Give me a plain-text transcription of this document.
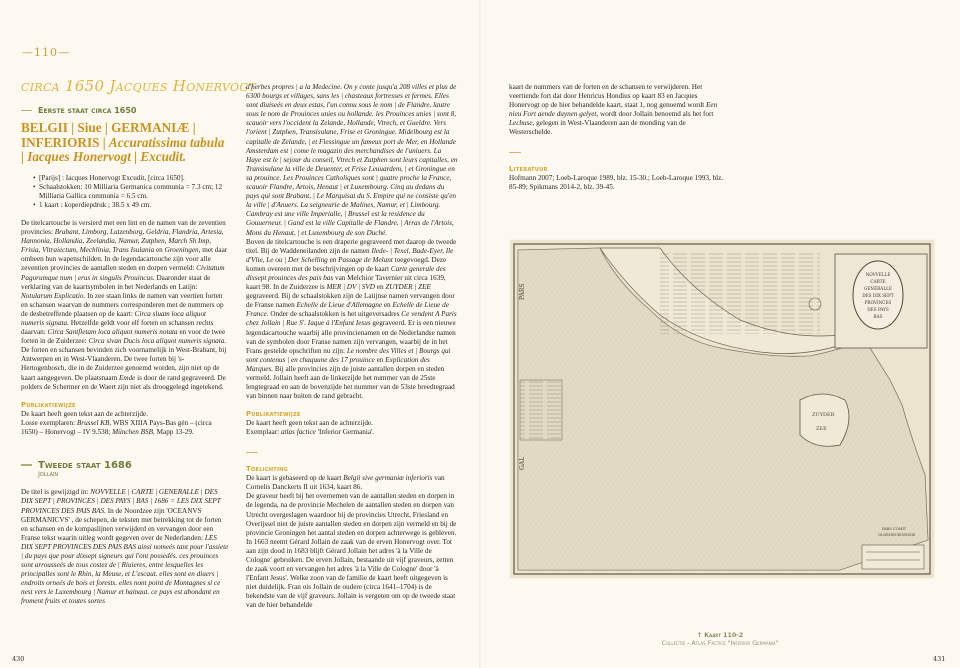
—110—
circa 1650 Jacques Honervogt
Eerste staat circa 1650

BELGII | Siue | GERMANIÆ | INFERIORIS | Accuratissima tabula | Iacques Honervogt | Excudit.

• [Parijs] : Iacques Honervogt Excudit, [circa 1650].
• Schaalstokken: 10 Milliaria Germanica communia = 7.3 cm; 12 Milliaria Gallica communia = 6.5 cm.
• 1 kaart : koperdiepdruk ; 38.5 x 49 cm.

De titelcartouche is versierd met een lint en de namen van de zeventien provincies: Brabant, Limborg, Lutzenborg, Geldria, Flandria, Artesia, Hannonia, Hollandia, Zeelandia, Namur, Zutphen, March Sh Imp, Frisia, Vltraiectum, Mechlinia, Trans Isulania en Groeningen, met daar omheen hun wapenschilden. In de legendacartouche zijn voor alle zeventien provincies de aantallen steden en dorpen vermeld: Civitatum Pagorumque num | erus in singulis Prouincus. Daaronder staat de verklaring van de kaartsymbolen in het Nederlands en Latijn: Notularum Explicatio. In zee staan links de namen van veertien forten en schansen waarvan de nummers corresponderen met de nummers op de desbetreffende plaatsen op de kaart: Circa sluam loca aliquot numeris signata. Hetzelfde geldt voor elf forten en schansen rechts daarvan: Circa Santfletam loca aliquot numeris notata en voor de twee forten in de Zuiderzee: Circa sivan Ducis loca aliquot numeris signata. De forten en schansen bevinden zich voornamelijk in West-Brabant, bij Antwerpen en in West-Vlaanderen. De twee forten bij 's-Hertogenbosch, die in de Zuiderzee genoemd worden, zijn niet op de kaart aangegeven. De plaatsnaam Emde is door de rand gegraveerd. De polders de Schermer en de Waert zijn niet als drooggelegd ingetekend.

Publikatiewijze

De kaart heeft geen tekst aan de achterzijde.

Losse exemplaren: Brussel KB, WBS XIIIA Pays-Bas gén – (circa 1650) – Honervogt – IV 9.538; München BSB, Mapp 13-29.

Tweede staat 1686
Jollain

De titel is gewijzigd in: NOVVELLE | CARTE | GENERALLE | DES DIX SEPT | PROVINCES | DES PAYS | BAS | 1686 = LES DIX SEPT PROVINCES DES PAIS BAS. In de Noordzee zijn 'OCEANVS GERMANICVS' , de schepen, de teksten met betrekking tot de forten en schansen en de kompaslijnen verwijderd en vervangen door een Franse tekst waarin uitleg wordt gegeven over de Nederlanden: LES DIX SEPT PROVINCES DES PAIS BAS ainsi nomeés tant pour l'assiete | du pays que pour dixsept signeurs qui l'ont possedés. ces prouinces sont arrousseés de tous costez de | Riuieres, entre lesquelles les principalles sont le Rhin, la Meuse, et L'escaut. elles sont en diuers | endroits orneés de bois et forests. elles nont point de Montagnes si ce nest vers le Luxembourg | Namur et hainaut. ce pays est abondant en froment fruits et toutes sortes

430

d'herbes propres | a la Medecine. On y conte jusqu'a 208 villes et plus de 6300 bourgs et villages, sans les | chasteaux fortresses et fermes. Elles sont diuiseés en deux estas, l'un connu sous le nom | de Flandre, lautre sous le nom de Prouinces unies ou hollande. les Prouinces unies | sont 8, scauoir vers l'occident la Zelande, Hollande, Vtrech, et Gueldre. Vers l'orient | Zutphen, Transisulane, Frise et Groningue. Midelbourg est la capitalle de Zelande, | et Flessingue un fameux port de Mer, en Hollande Amsterdam est | come le magazin des merchandises de l'uniuers. La Haye est le | sejour du conseil, Vtrech et Zutphen sont leurs capitalles, en Transisulane la ville de Deuenter, et Frise Leuuardem, | et Groningue en sa prouince. Les Prouinces Catholiques sont | quatre proche la France, scauoir Flandre, Artois, Henaut | et Luxembourg. Cinq au dedans du pays qui sont Brabant, | Le Marquisat du S. Empire qui ne consiste qu'en la ville | d'Anuers. La seigneurie de Malines, Namur, et | Limbourg. Cambray est une ville Imperialle, | Brussel est la residence du Gouuerneur. | Gand est la ville Capitalle de Flandre, | Arras de l'Artois, Mons du Henaut, | et Luxembourg de son Duché.

Boven de titelcartouche is een draperie gegraveerd met daarop de tweede titel. Bij de Waddeneilanden zijn de namen Ilede- | Texel, Bade-Eyer, Ile d'Vlie, Le ou | Der Schelling en Passage de Melant toegevoegd. Deze komen overeen met de beschrijvingen op de kaart Carte generale des dixsept prouinces des pais bas van Melchior Tavernier uit circa 1639, kaart 98. In de Zuiderzee is MER | DV | SVD en ZUYDER | ZEE gegraveerd. Bij de schaalstokken zijn de Latijnse namen vervangen door de Franse namen Echelle de Lieue d'Allemagne en Echelle de Lieue de France. Onder de schaalstokken is het uitgeversadres Ce vendent A Paris chez Jollain | Rue S'. Iaque à l'Enfant Iesus gegraveerd. Er is een nieuwe legendacartouche waarbij alle provincienamen en de Nederlandse namen van de symbolen door Franse namen zijn vervangen, waarbij de in het Frans gestelde opschriften nu zijn: Le nombre des Villes et | Bourgs qui sont contenus | en chaquune des 17 prouince en Explication des Marques. Bij alle provincies zijn de juiste aantallen dorpen en steden vermeld. Jollain heeft aan de linkerzijde het nummer van de 25ste lengtegraad en aan de bovenzijde het nummer van de 53ste breedtegraad van binnen naar buiten de rand gebracht.

Publikatiewijze

De kaart heeft geen tekst aan de achterzijde.

Exemplaar: atlas factice 'Inferior Germania'.

Toelichting

De kaart is gebaseerd op de kaart Belgii sive germaniæ inferioris van Cornelis Danckerts II uit 1634, kaart 86.

De graveur heeft bij het overnemen van de aantallen steden en dorpen in de legenda, na de provincie Mechelen de aantallen steden en dorpen van Utrecht overgeslagen waardoor bij de provincies Utrecht, Friesland en Overijssel niet de juiste aantallen steden en dorpen zijn vermeld en bij de provincie Groningen het aantal steden en dorpen achterwege is gebleven. In 1663 neemt Gérard Jollain de zaak van de erven Honervogt over. Tot aan zijn dood in 1683 blijft Gérard Jollain het adres 'à la Ville de Cologne' gebruiken. De erven Jollain, bestaande uit vijf graveurs, zetten de zaak voort en vervangen het adres 'à la Ville de Cologne' door 'à l'Enfant Jesus'. Welke zoon van de familie de kaart heeft uitgegeven is niet duidelijk. Fran ois Jollain de oudere (circa 1641–1704) is de bekendste van de vijf graveurs. Jollain is vergeten om op de tweede staat van de hier behandelde

kaart de nummers van de forten en de schansen te verwijderen. Het veertiende fort dat door Henricus Hondius op kaart 83 en Jacques Honervogt op de hier behandelde kaart, staat 1, nog genoemd wordt Een nieu Fort aende duynen gelyet, wordt door Jollain benoemd als het fort Lechuse, gelegen in West-Vlaanderen aan de monding van de Westerschelde.

Literatuur

Hofmann 2007; Loeb-Laroque 1989, blz. 15-30.; Loeb-Laroque 1993, blz. 85-89; Spikmans 2014-2, blz. 39-45.

ZUYDER
ZEE
NOVVELLE
CARTE
GENERALLE
DES DIX SEPT
PROVINCES
DES PAYS
BAS
PARS
GAL
PARS COMIT
OLDENBURGENSIS
↑ Kaart 110-2
Collectie - Atlas Factice "Inferior Germania"
431
